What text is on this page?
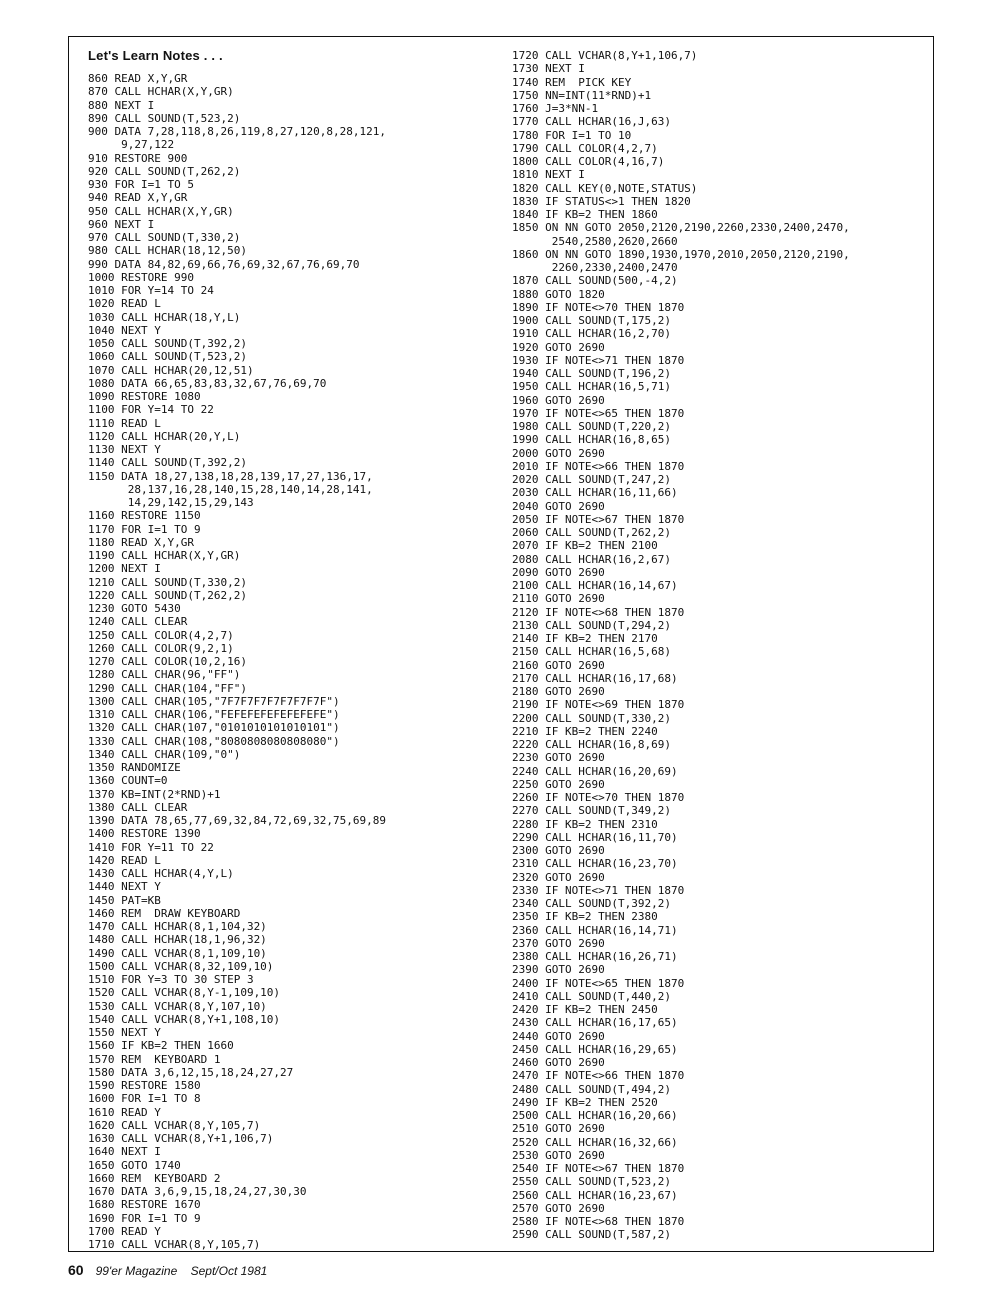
Let's Learn Notes . . .
860 READ X,Y,GR
870 CALL HCHAR(X,Y,GR)
880 NEXT I
890 CALL SOUND(T,523,2)
900 DATA 7,28,118,8,26,119,8,27,120,8,28,121,
9,27,122
910 RESTORE 900
920 CALL SOUND(T,262,2)
930 FOR I=1 TO 5
940 READ X,Y,GR
950 CALL HCHAR(X,Y,GR)
960 NEXT I
970 CALL SOUND(T,330,2)
980 CALL HCHAR(18,12,50)
990 DATA 84,82,69,66,76,69,32,67,76,69,70
1000 RESTORE 990
1010 FOR Y=14 TO 24
1020 READ L
1030 CALL HCHAR(18,Y,L)
1040 NEXT Y
1050 CALL SOUND(T,392,2)
1060 CALL SOUND(T,523,2)
1070 CALL HCHAR(20,12,51)
1080 DATA 66,65,83,83,32,67,76,69,70
1090 RESTORE 1080
1100 FOR Y=14 TO 22
1110 READ L
1120 CALL HCHAR(20,Y,L)
1130 NEXT Y
1140 CALL SOUND(T,392,2)
1150 DATA 18,27,138,18,28,139,17,27,136,17,
28,137,16,28,140,15,28,140,14,28,141,
14,29,142,15,29,143
1160 RESTORE 1150
1170 FOR I=1 TO 9
1180 READ X,Y,GR
1190 CALL HCHAR(X,Y,GR)
1200 NEXT I
1210 CALL SOUND(T,330,2)
1220 CALL SOUND(T,262,2)
1230 GOTO 5430
1240 CALL CLEAR
1250 CALL COLOR(4,2,7)
1260 CALL COLOR(9,2,1)
1270 CALL COLOR(10,2,16)
1280 CALL CHAR(96,"FF")
1290 CALL CHAR(104,"FF")
1300 CALL CHAR(105,"7F7F7F7F7F7F7F7F")
1310 CALL CHAR(106,"FEFEFEFEFEFEFEFE")
1320 CALL CHAR(107,"0101010101010101")
1330 CALL CHAR(108,"8080808080808080")
1340 CALL CHAR(109,"0")
1350 RANDOMIZE
1360 COUNT=0
1370 KB=INT(2*RND)+1
1380 CALL CLEAR
1390 DATA 78,65,77,69,32,84,72,69,32,75,69,89
1400 RESTORE 1390
1410 FOR Y=11 TO 22
1420 READ L
1430 CALL HCHAR(4,Y,L)
1440 NEXT Y
1450 PAT=KB
1460 REM  DRAW KEYBOARD
1470 CALL HCHAR(8,1,104,32)
1480 CALL HCHAR(18,1,96,32)
1490 CALL VCHAR(8,1,109,10)
1500 CALL VCHAR(8,32,109,10)
1510 FOR Y=3 TO 30 STEP 3
1520 CALL VCHAR(8,Y-1,109,10)
1530 CALL VCHAR(8,Y,107,10)
1540 CALL VCHAR(8,Y+1,108,10)
1550 NEXT Y
1560 IF KB=2 THEN 1660
1570 REM  KEYBOARD 1
1580 DATA 3,6,12,15,18,24,27,27
1590 RESTORE 1580
1600 FOR I=1 TO 8
1610 READ Y
1620 CALL VCHAR(8,Y,105,7)
1630 CALL VCHAR(8,Y+1,106,7)
1640 NEXT I
1650 GOTO 1740
1660 REM  KEYBOARD 2
1670 DATA 3,6,9,15,18,24,27,30,30
1680 RESTORE 1670
1690 FOR I=1 TO 9
1700 READ Y
1710 CALL VCHAR(8,Y,105,7)
1720 CALL VCHAR(8,Y+1,106,7)
1730 NEXT I
1740 REM  PICK KEY
1750 NN=INT(11*RND)+1
1760 J=3*NN-1
1770 CALL HCHAR(16,J,63)
1780 FOR I=1 TO 10
1790 CALL COLOR(4,2,7)
1800 CALL COLOR(4,16,7)
1810 NEXT I
1820 CALL KEY(0,NOTE,STATUS)
1830 IF STATUS<>1 THEN 1820
1840 IF KB=2 THEN 1860
1850 ON NN GOTO 2050,2120,2190,2260,2330,2400,2470,
2540,2580,2620,2660
1860 ON NN GOTO 1890,1930,1970,2010,2050,2120,2190,
2260,2330,2400,2470
1870 CALL SOUND(500,-4,2)
1880 GOTO 1820
1890 IF NOTE<>70 THEN 1870
1900 CALL SOUND(T,175,2)
1910 CALL HCHAR(16,2,70)
1920 GOTO 2690
1930 IF NOTE<>71 THEN 1870
1940 CALL SOUND(T,196,2)
1950 CALL HCHAR(16,5,71)
1960 GOTO 2690
1970 IF NOTE<>65 THEN 1870
1980 CALL SOUND(T,220,2)
1990 CALL HCHAR(16,8,65)
2000 GOTO 2690
2010 IF NOTE<>66 THEN 1870
2020 CALL SOUND(T,247,2)
2030 CALL HCHAR(16,11,66)
2040 GOTO 2690
2050 IF NOTE<>67 THEN 1870
2060 CALL SOUND(T,262,2)
2070 IF KB=2 THEN 2100
2080 CALL HCHAR(16,2,67)
2090 GOTO 2690
2100 CALL HCHAR(16,14,67)
2110 GOTO 2690
2120 IF NOTE<>68 THEN 1870
2130 CALL SOUND(T,294,2)
2140 IF KB=2 THEN 2170
2150 CALL HCHAR(16,5,68)
2160 GOTO 2690
2170 CALL HCHAR(16,17,68)
2180 GOTO 2690
2190 IF NOTE<>69 THEN 1870
2200 CALL SOUND(T,330,2)
2210 IF KB=2 THEN 2240
2220 CALL HCHAR(16,8,69)
2230 GOTO 2690
2240 CALL HCHAR(16,20,69)
2250 GOTO 2690
2260 IF NOTE<>70 THEN 1870
2270 CALL SOUND(T,349,2)
2280 IF KB=2 THEN 2310
2290 CALL HCHAR(16,11,70)
2300 GOTO 2690
2310 CALL HCHAR(16,23,70)
2320 GOTO 2690
2330 IF NOTE<>71 THEN 1870
2340 CALL SOUND(T,392,2)
2350 IF KB=2 THEN 2380
2360 CALL HCHAR(16,14,71)
2370 GOTO 2690
2380 CALL HCHAR(16,26,71)
2390 GOTO 2690
2400 IF NOTE<>65 THEN 1870
2410 CALL SOUND(T,440,2)
2420 IF KB=2 THEN 2450
2430 CALL HCHAR(16,17,65)
2440 GOTO 2690
2450 CALL HCHAR(16,29,65)
2460 GOTO 2690
2470 IF NOTE<>66 THEN 1870
2480 CALL SOUND(T,494,2)
2490 IF KB=2 THEN 2520
2500 CALL HCHAR(16,20,66)
2510 GOTO 2690
2520 CALL HCHAR(16,32,66)
2530 GOTO 2690
2540 IF NOTE<>67 THEN 1870
2550 CALL SOUND(T,523,2)
2560 CALL HCHAR(16,23,67)
2570 GOTO 2690
2580 IF NOTE<>68 THEN 1870
2590 CALL SOUND(T,587,2)
60 99'er Magazine Sept/Oct 1981
